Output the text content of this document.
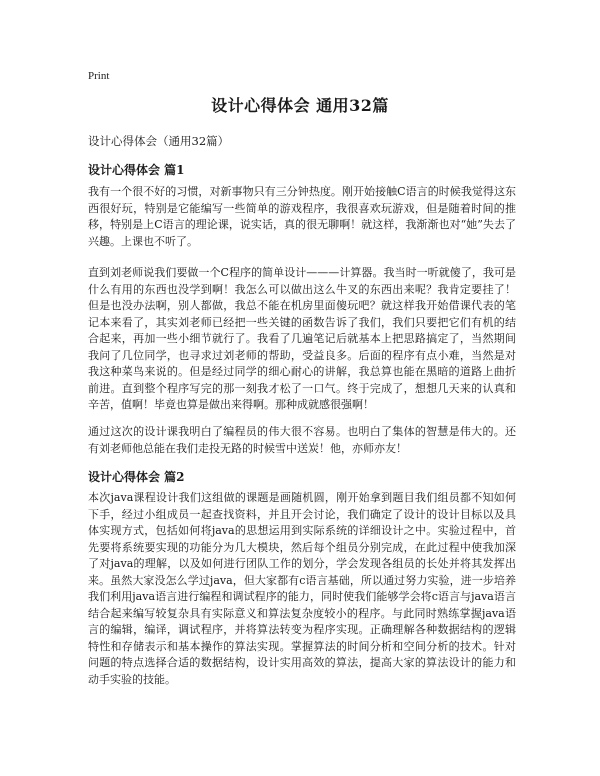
Print
设计心得体会 通用32篇
设计心得体会（通用32篇）
设计心得体会 篇1
我有一个很不好的习惯，对新事物只有三分钟热度。刚开始接触C语言的时候我觉得这东西很好玩，特别是它能编写一些简单的游戏程序，我很喜欢玩游戏，但是随着时间的推移，特别是上C语言的理论课，说实话，真的很无聊啊！就这样，我渐渐也对“她”失去了兴趣。上课也不听了。
直到刘老师说我们要做一个C程序的简单设计———计算器。我当时一听就傻了，我可是什么有用的东西也没学到啊！我怎么可以做出这么牛叉的东西出来呢？我肯定要挂了！但是也没办法啊，别人都做，我总不能在机房里面傻玩吧？就这样我开始借课代表的笔记本来看了，其实刘老师已经把一些关键的函数告诉了我们，我们只要把它们有机的结合起来，再加一些小细节就行了。我看了几遍笔记后就基本上把思路搞定了，当然期间我问了几位同学，也寻求过刘老师的帮助，受益良多。后面的程序有点小难，当然是对我这种菜鸟来说的。但是经过同学的细心耐心的讲解，我总算也能在黑暗的道路上曲折前进。直到整个程序写完的那一刻我才松了一口气。终于完成了，想想几天来的认真和辛苦，值啊！毕竟也算是做出来得啊。那种成就感很强啊！
通过这次的设计课我明白了编程员的伟大很不容易。也明白了集体的智慧是伟大的。还有刘老师他总能在我们走投无路的时候雪中送炭！他，亦师亦友！
设计心得体会 篇2
本次java课程设计我们这组做的课题是画随机圆，刚开始拿到题目我们组员都不知如何下手，经过小组成员一起查找资料，并且开会讨论，我们确定了设计的设计目标以及具体实现方式，包括如何将java的思想运用到实际系统的详细设计之中。实验过程中，首先要将系统要实现的功能分为几大模块，然后每个组员分别完成，在此过程中使我加深了对java的理解，以及如何进行团队工作的划分，学会发现各组员的长处并将其发挥出来。虽然大家没怎么学过java，但大家都有c语言基础，所以通过努力实验，进一步培养我们利用java语言进行编程和调试程序的能力，同时使我们能够学会将c语言与java语言结合起来编写较复杂具有实际意义和算法复杂度较小的程序。与此同时熟练掌握java语言的编辑，编译，调试程序，并将算法转变为程序实现。正确理解各种数据结构的逻辑特性和存储表示和基本操作的算法实现。掌握算法的时间分析和空间分析的技术。针对问题的特点选择合适的数据结构，设计实用高效的算法，提高大家的算法设计的能力和动手实验的技能。
